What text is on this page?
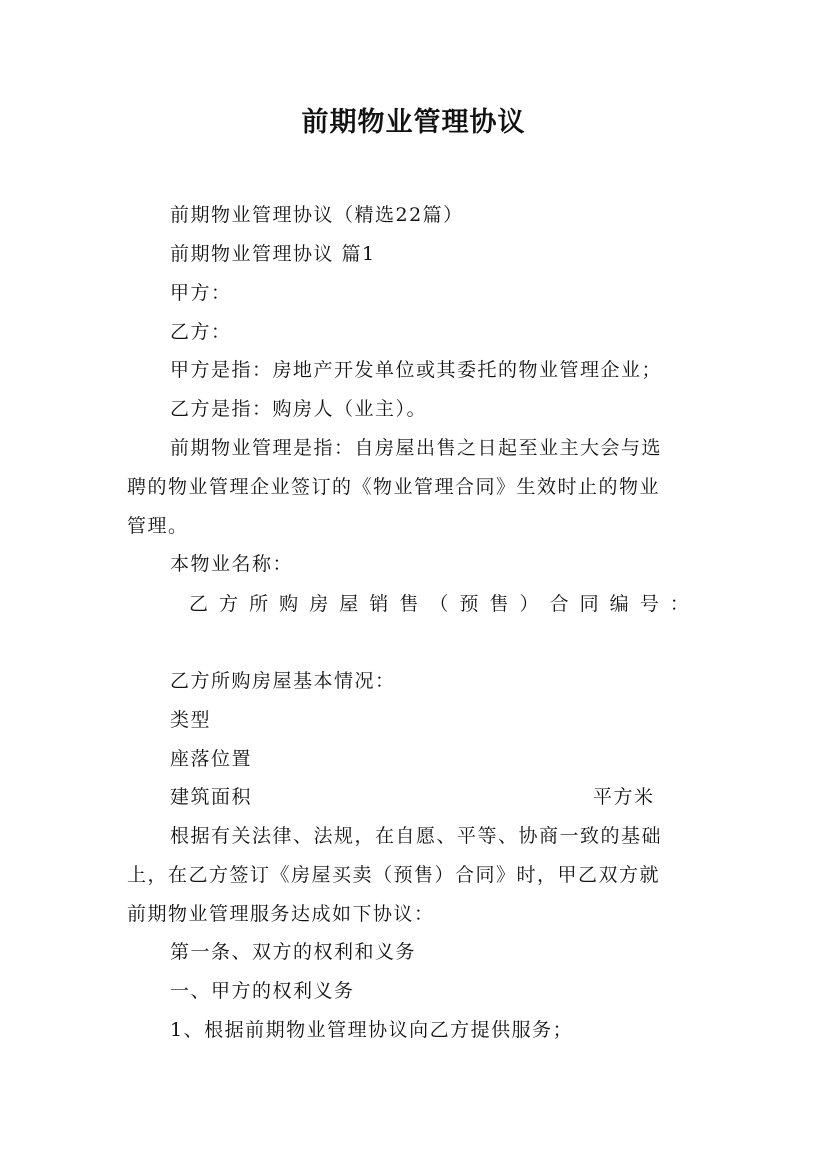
前期物业管理协议
前期物业管理协议（精选22篇）
前期物业管理协议 篇1
甲方：
乙方：
甲方是指：房地产开发单位或其委托的物业管理企业；
乙方是指：购房人（业主）。
前期物业管理是指：自房屋出售之日起至业主大会与选
聘的物业管理企业签订的《物业管理合同》生效时止的物业
管理。
本物业名称：
乙 方 所 购 房 屋 销 售 （ 预 售 ） 合 同 编 号 ：
乙方所购房屋基本情况：
类型
座落位置
建筑面积	平方米
根据有关法律、法规，在自愿、平等、协商一致的基础
上，在乙方签订《房屋买卖（预售）合同》时，甲乙双方就
前期物业管理服务达成如下协议：
第一条、双方的权利和义务
一、甲方的权利义务
1、根据前期物业管理协议向乙方提供服务；
